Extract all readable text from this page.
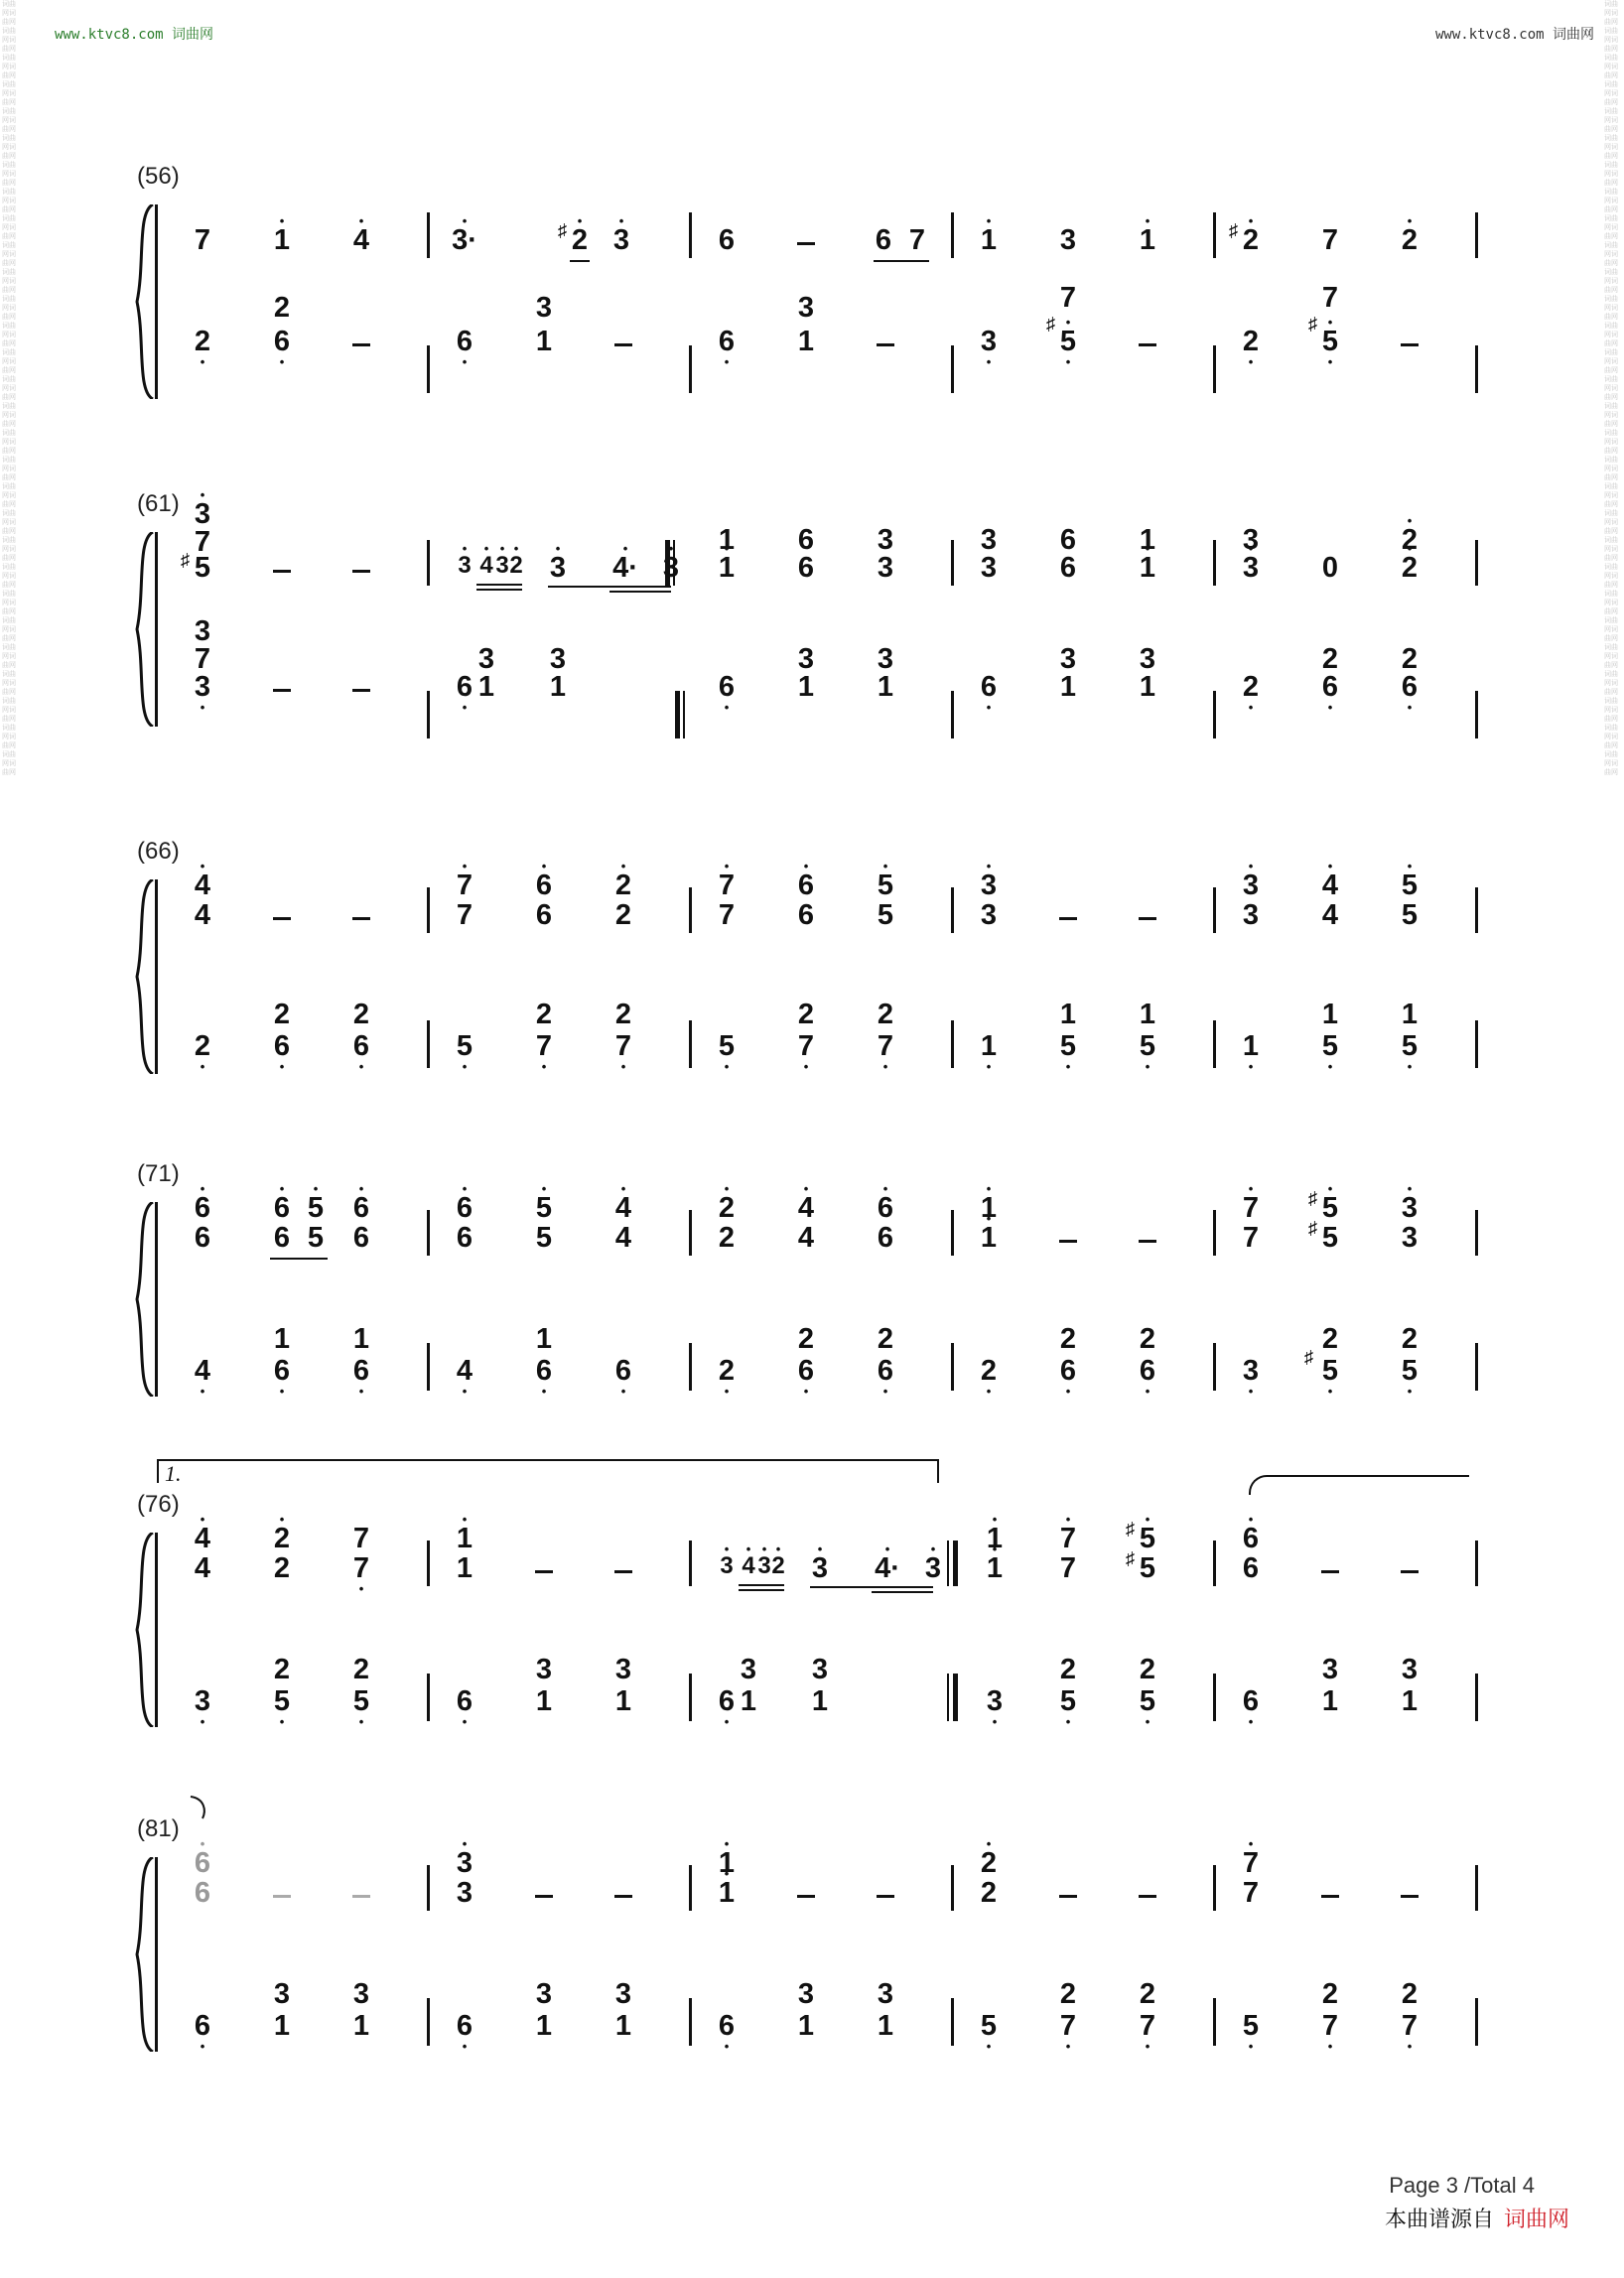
www.ktvc8.com 词曲网	www.ktvc8.com 词曲网
词曲网词曲网词曲网词曲网词曲网词曲网词曲网词曲网词曲网词曲网词曲网词曲网词曲网词曲网词曲网词曲网词曲网词曲网词曲网词曲网词曲网词曲网词曲网词曲网词曲网词曲网词曲网词曲网词曲网词曲网词曲网词曲网词曲网词曲网词曲网词曲网词曲网词曲网词曲网词曲网词曲网词曲网词曲网词曲网词曲网词曲网词曲网词曲网词曲网词曲网词曲网词曲网词曲网词曲网词曲网词曲网词曲网词曲网
词曲网词曲网词曲网词曲网词曲网词曲网词曲网词曲网词曲网词曲网词曲网词曲网词曲网词曲网词曲网词曲网词曲网词曲网词曲网词曲网词曲网词曲网词曲网词曲网词曲网词曲网词曲网词曲网词曲网词曲网词曲网词曲网词曲网词曲网词曲网词曲网词曲网词曲网词曲网词曲网词曲网词曲网词曲网词曲网词曲网词曲网词曲网词曲网词曲网词曲网词曲网词曲网词曲网词曲网词曲网词曲网词曲网词曲网
(56)
7 • 1 • 4	• 3·	♯ • 2 • 3	6	6 7 • 1 3 • 1	♯ • 2 7 • 2
2
2 • 6 •
3
6 • 1
3
6 • 1	3 •
7
♯
• 5 •	2 •
7
♯
• 5 •
(61) • 3
7
♯ 5	• 3 • 4 • 3 • 2 • 3 • 4· • 3
1
• 1
6
6
3
3
3
3
6
6
1
• 1
3
• 3 0
• 2
• 2
3
7
3 •
3
6 • 1
3
1	6 •
3
1
3
1	6 •
3
1
3
1	2 •
2
6 •
2
6 •
(66)
• 4
4
• 7
7
• 6
6
• 2
2
• 7
7
• 6
6
• 5
5
• 3
3
• 3
3
• 4
4
• 5
5
2 •
2
6 •
2
6 •	5 •
2
7 •
2
7 •	5 •
2
7 •
2
7 •	1 •
1
5 •
1
5 •	1 •
1
5 •
1
5 •
(71)
• 6
6
• 6 • 5
6 5
• 6
6
• 6
6
• 5
5
• 4
4
• 2
2
• 4
4
• 6
6
• 1
• 1
• 7
7
♯ • 5
♯ 5
• 3
3
4 •
1
6 •
1
6 •	4 •
1
6 • 6 •	2 •
2
6 •
2
6 •	2 •
2
6 •
2
6 •	3 •
2
♯ 5 •
2
5 •
1.
(76)
• 4
4
• 2
2
7
7 •
• 1
1	• 3 • 4 • 3 • 2 • 3 • 4· • 3
• 1
• 1
• 7
7
♯ • 5
♯ 5
• 6
6
3 •
2
5 •
2
5 •	6 •
3
1
3
1
3
6 • 1
3
1	3 •
2
5 •
2
5 •	6 •
3
1
3
1
(81)
• 6
6
• 3
3
• 1
• 1
• 2
2
• 7
7
6 •
3
1
3
1	6 •
3
1
3
1	6 •
3
1
3
1	5 •
2
7 •
2
7 •	5 •
2
7 •
2
7 •
Page 3 /Total 4
本曲谱源自 词曲网
